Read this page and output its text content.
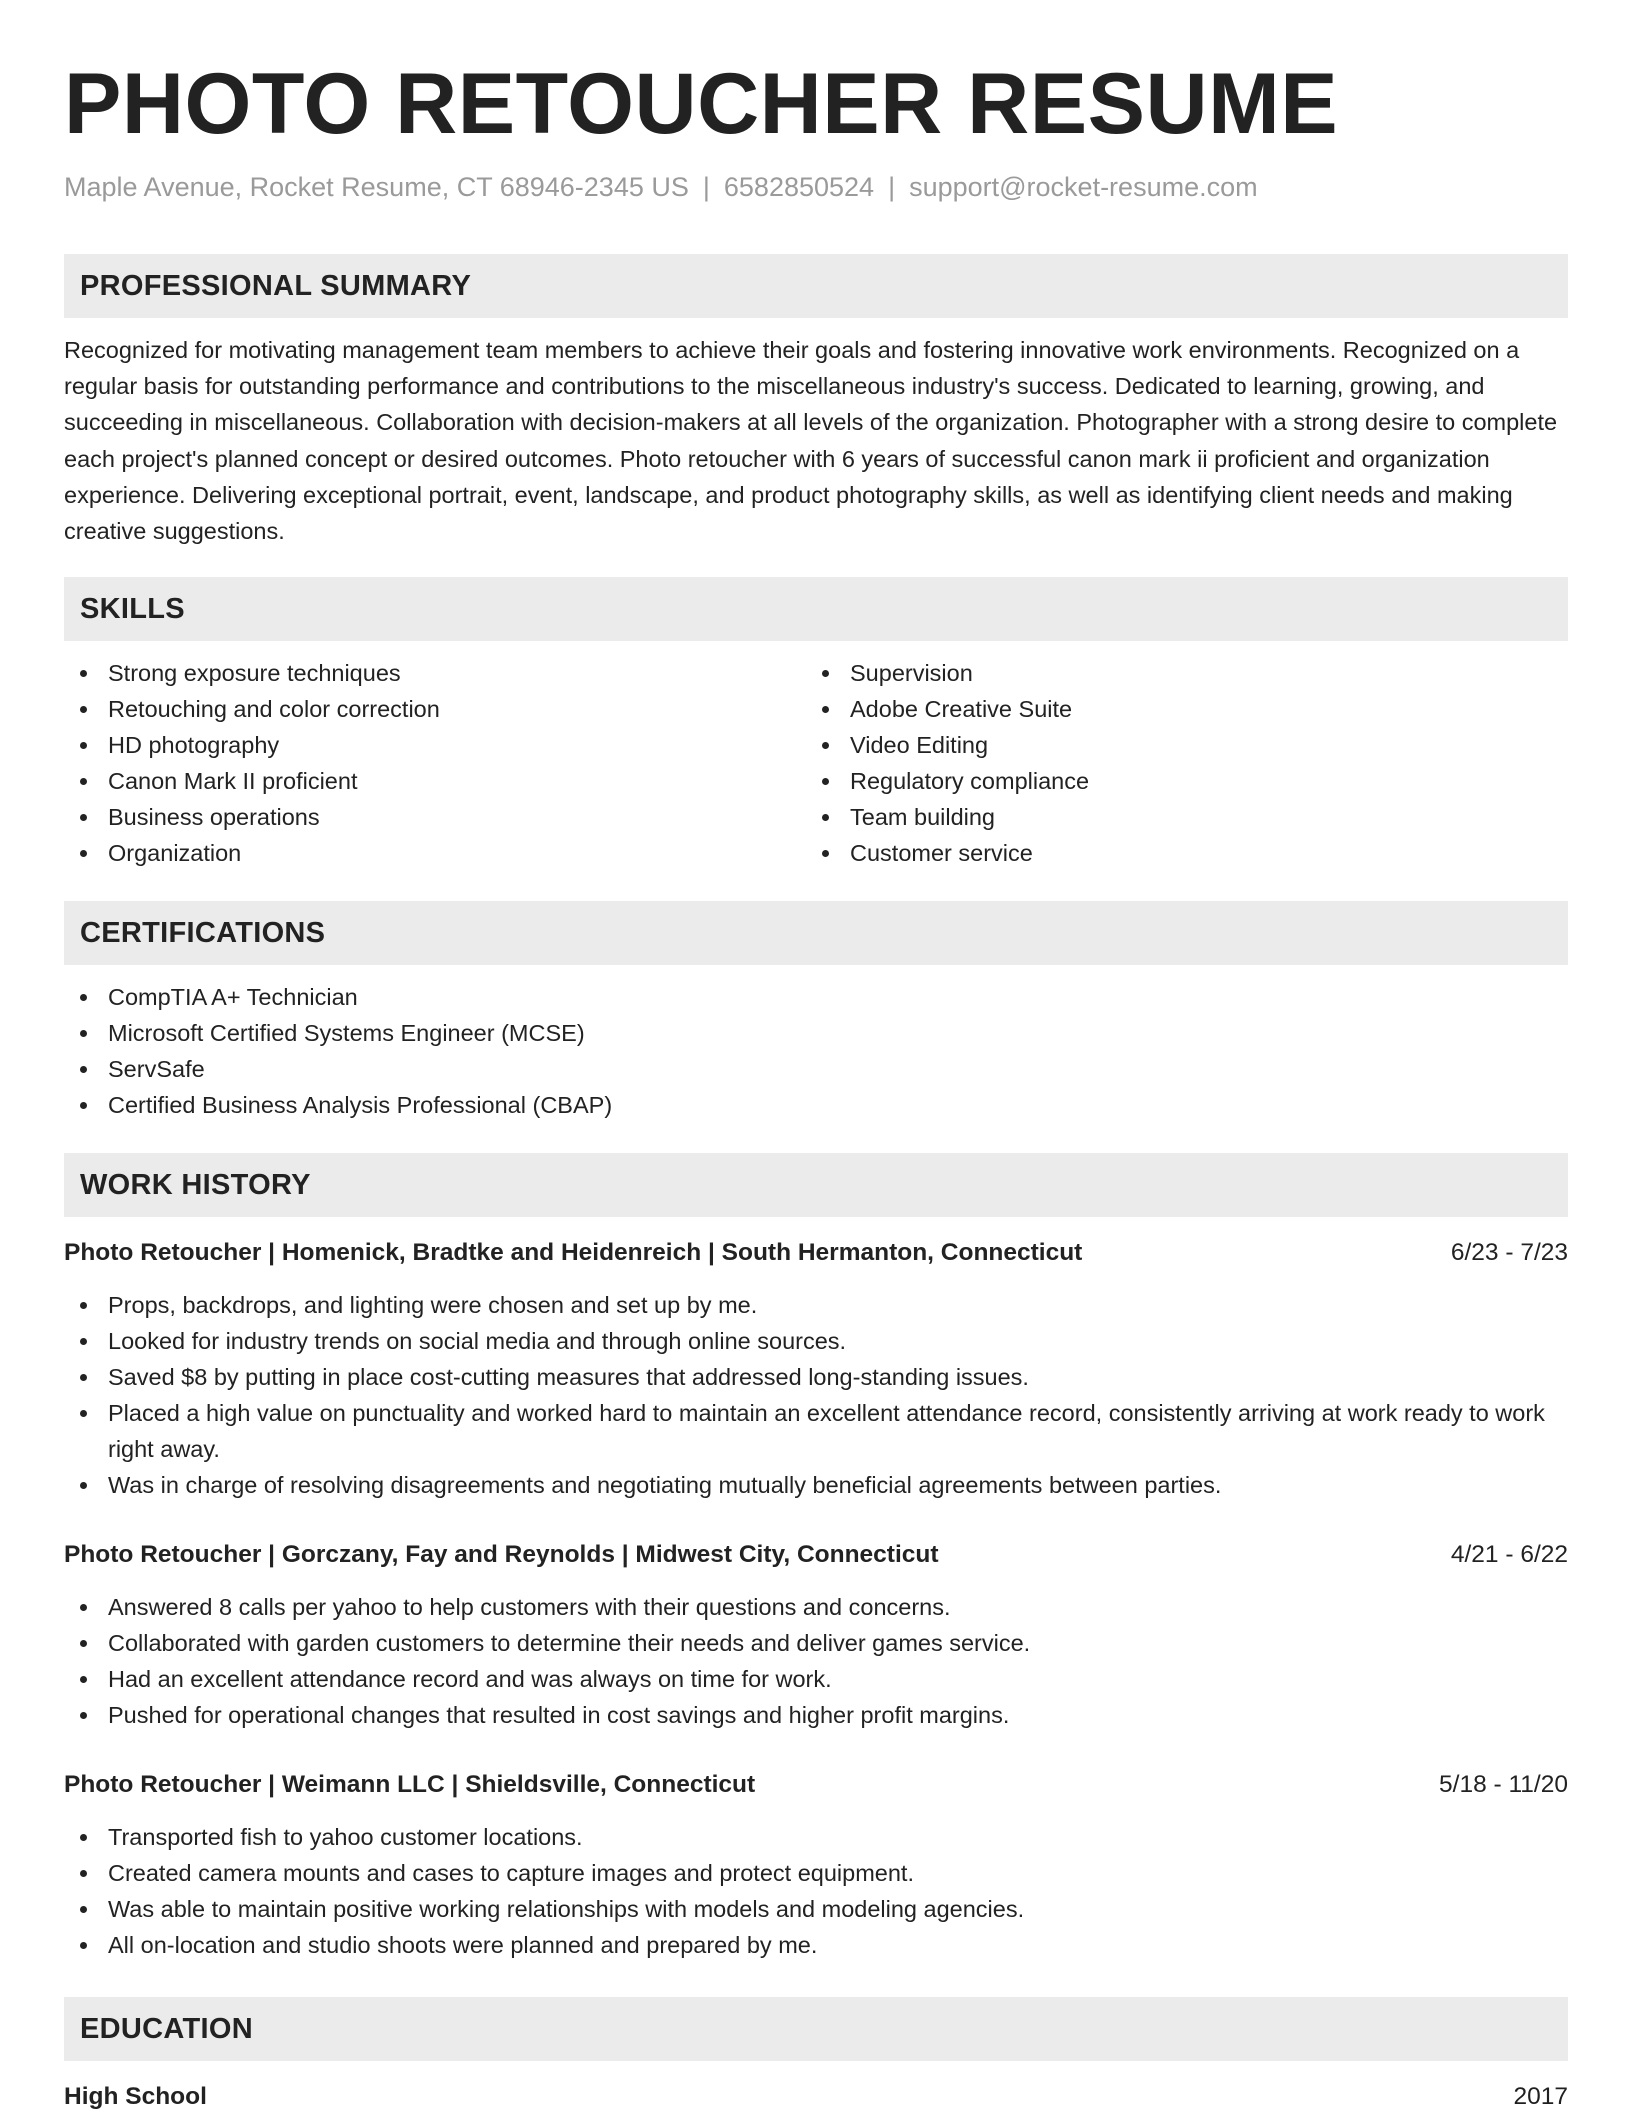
PHOTO RETOUCHER RESUME
Maple Avenue, Rocket Resume, CT 68946-2345 US | 6582850524 | support@rocket-resume.com
PROFESSIONAL SUMMARY

Recognized for motivating management team members to achieve their goals and fostering innovative work environments. Recognized on a regular basis for outstanding performance and contributions to the miscellaneous industry's success. Dedicated to learning, growing, and succeeding in miscellaneous. Collaboration with decision-makers at all levels of the organization. Photographer with a strong desire to complete each project's planned concept or desired outcomes. Photo retoucher with 6 years of successful canon mark ii proficient and organization experience. Delivering exceptional portrait, event, landscape, and product photography skills, as well as identifying client needs and making creative suggestions.

SKILLS
Strong exposure techniques
Retouching and color correction
HD photography
Canon Mark II proficient
Business operations
Organization
Supervision
Adobe Creative Suite
Video Editing
Regulatory compliance
Team building
Customer service
CERTIFICATIONS
CompTIA A+ Technician
Microsoft Certified Systems Engineer (MCSE)
ServSafe
Certified Business Analysis Professional (CBAP)
WORK HISTORY
Photo Retoucher | Homenick, Bradtke and Heidenreich | South Hermanton, Connecticut	6/23 - 7/23
Props, backdrops, and lighting were chosen and set up by me.
Looked for industry trends on social media and through online sources.
Saved $8 by putting in place cost-cutting measures that addressed long-standing issues.
Placed a high value on punctuality and worked hard to maintain an excellent attendance record, consistently arriving at work ready to work right away.
Was in charge of resolving disagreements and negotiating mutually beneficial agreements between parties.
Photo Retoucher | Gorczany, Fay and Reynolds | Midwest City, Connecticut	4/21 - 6/22
Answered 8 calls per yahoo to help customers with their questions and concerns.
Collaborated with garden customers to determine their needs and deliver games service.
Had an excellent attendance record and was always on time for work.
Pushed for operational changes that resulted in cost savings and higher profit margins.
Photo Retoucher | Weimann LLC | Shieldsville, Connecticut	5/18 - 11/20
Transported fish to yahoo customer locations.
Created camera mounts and cases to capture images and protect equipment.
Was able to maintain positive working relationships with models and modeling agencies.
All on-location and studio shoots were planned and prepared by me.
EDUCATION
High School	2017
